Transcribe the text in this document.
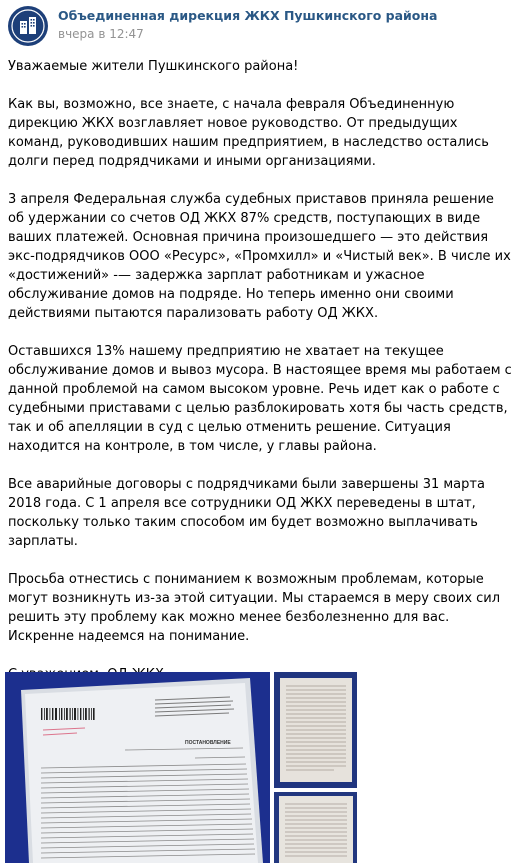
Объединенная дирекция ЖКХ Пушкинского района
вчера в 12:47

Уважаемые жители Пушкинского района!

Как вы, возможно, все знаете, с начала февраля Объединенную дирекцию ЖКХ возглавляет новое руководство. От предыдущих команд, руководивших нашим предприятием, в наследство остались долги перед подрядчиками и иными организациями.

3 апреля Федеральная служба судебных приставов приняла решение об удержании со счетов ОД ЖКХ 87% средств, поступающих в виде ваших платежей. Основная причина произошедшего — это действия экс-подрядчиков ООО «Ресурс», «Промхилл» и «Чистый век». В числе их «достижений» -— задержка зарплат работникам и ужасное обслуживание домов на подряде. Но теперь именно они своими действиями пытаются парализовать работу ОД ЖКХ.

Оставшихся 13% нашему предприятию не хватает на текущее обслуживание домов и вывоз мусора. В настоящее время мы работаем с данной проблемой на самом высоком уровне. Речь идет как о работе с судебными приставами с целью разблокировать хотя бы часть средств, так и об апелляции в суд с целью отменить решение. Ситуация находится на контроле, в том числе, у главы района.

Все аварийные договоры с подрядчиками были завершены 31 марта 2018 года. С 1 апреля все сотрудники ОД ЖКХ переведены в штат, поскольку только таким способом им будет возможно выплачивать зарплаты.

Просьба отнестись с пониманием к возможным проблемам, которые могут возникнуть из-за этой ситуации. Мы стараемся в меру своих сил решить эту проблему как можно менее безболезненно для вас. Искренне надеемся на понимание.

ПОСТАНОВЛЕНИЕ
